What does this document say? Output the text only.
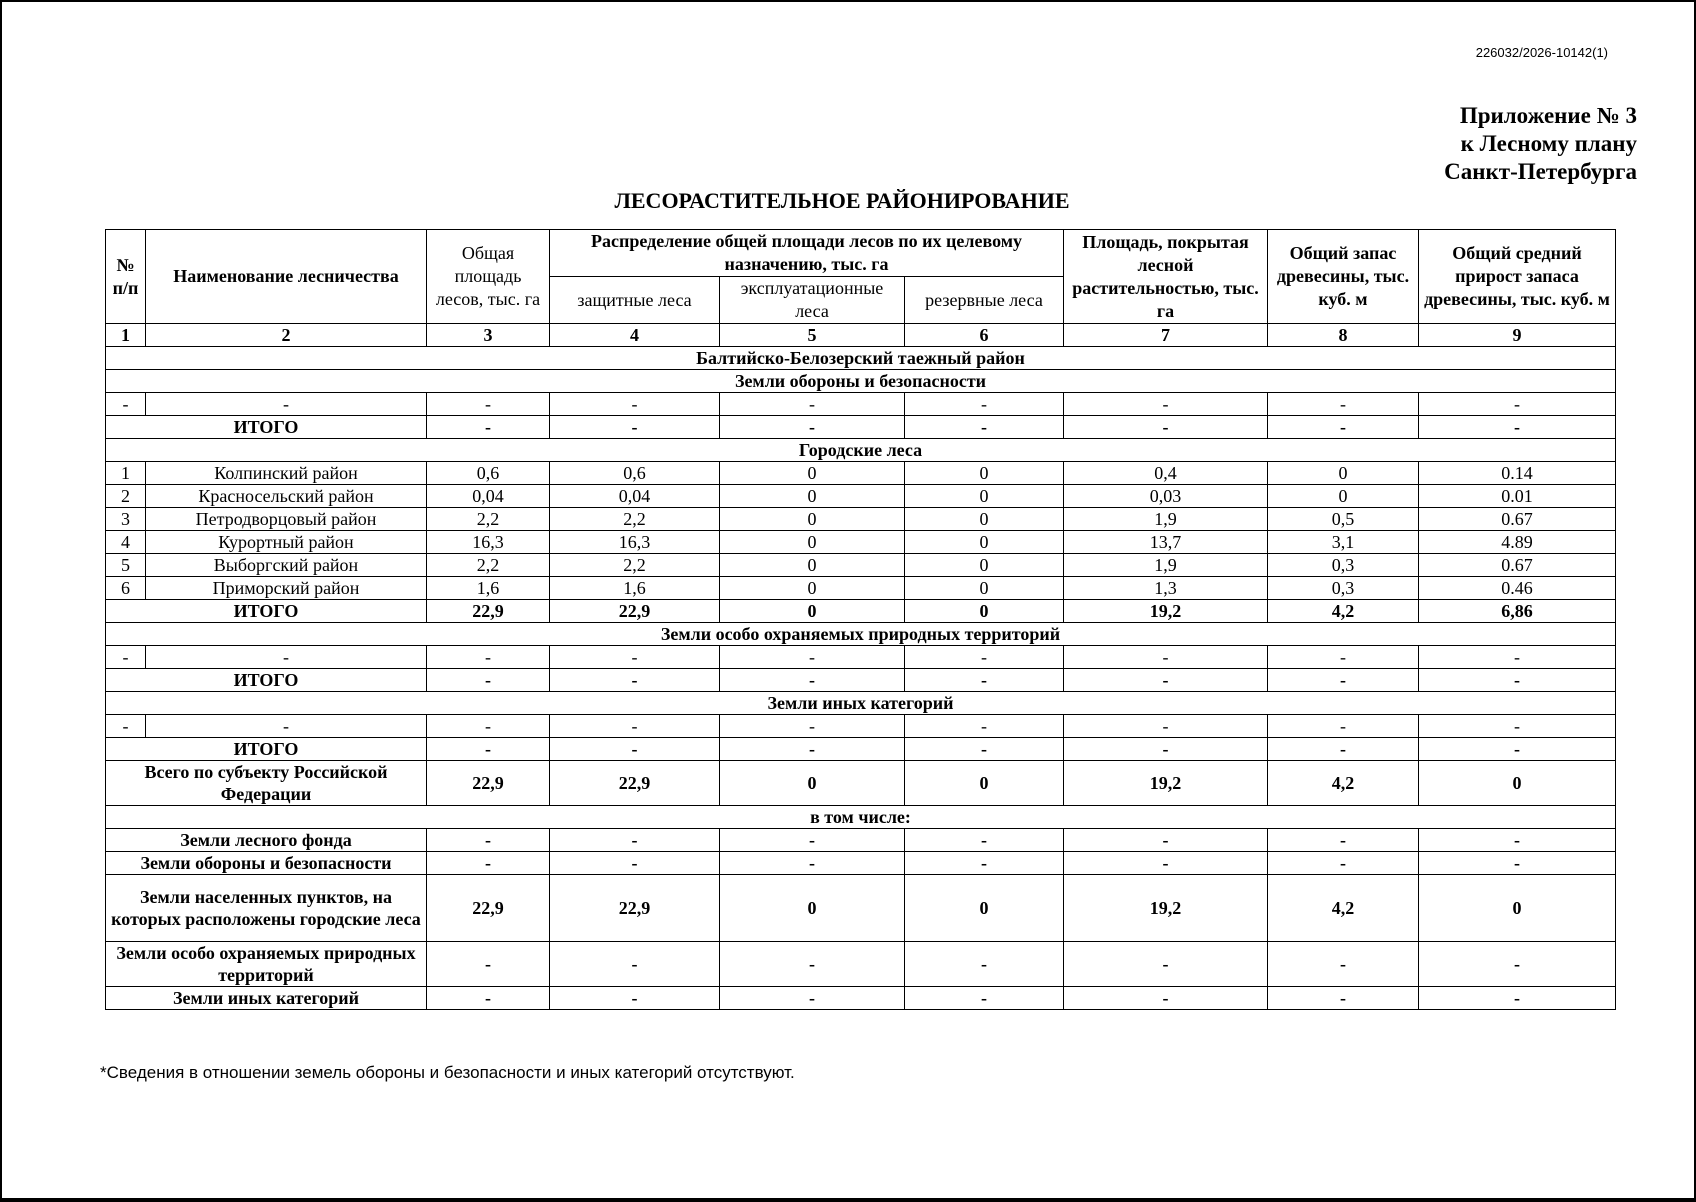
226032/2026-10142(1)
Приложение № 3
к Лесному плану
Санкт-Петербурга
ЛЕСОРАСТИТЕЛЬНОЕ РАЙОНИРОВАНИЕ
№ п/п	Наименование лесничества	Общая площадь лесов, тыс. га	Распределение общей площади лесов по их целевому назначению, тыс. га			Площадь, покрытая лесной растительностью, тыс. га	Общий запас древесины, тыс. куб. м	Общий средний прирост запаса древесины, тыс. куб. м
			защитные леса	эксплуатационные леса	резервные леса			
1	2	3	4	5	6	7	8	9
Балтийско-Белозерский таежный район								
Земли обороны и безопасности								
-	-	-	-	-	-	-	-	-
ИТОГО		-	-	-	-	-	-	-
Городские леса								
1	Колпинский район	0,6	0,6	0	0	0,4	0	0.14
2	Красносельский район	0,04	0,04	0	0	0,03	0	0.01
3	Петродворцовый район	2,2	2,2	0	0	1,9	0,5	0.67
4	Курортный район	16,3	16,3	0	0	13,7	3,1	4.89
5	Выборгский район	2,2	2,2	0	0	1,9	0,3	0.67
6	Приморский район	1,6	1,6	0	0	1,3	0,3	0.46
ИТОГО		22,9	22,9	0	0	19,2	4,2	6,86
Земли особо охраняемых природных территорий								
-	-	-	-	-	-	-	-	-
ИТОГО		-	-	-	-	-	-	-
Земли иных категорий								
-	-	-	-	-	-	-	-	-
ИТОГО		-	-	-	-	-	-	-
Всего по субъекту Российской Федерации		22,9	22,9	0	0	19,2	4,2	0
в том числе:								
Земли лесного фонда		-	-	-	-	-	-	-
Земли обороны и безопасности		-	-	-	-	-	-	-
Земли населенных пунктов, на которых расположены городские леса		22,9	22,9	0	0	19,2	4,2	0
Земли особо охраняемых природных территорий		-	-	-	-	-	-	-
Земли иных категорий		-	-	-	-	-	-	-
*Сведения в отношении земель обороны и безопасности и иных категорий отсутствуют.
